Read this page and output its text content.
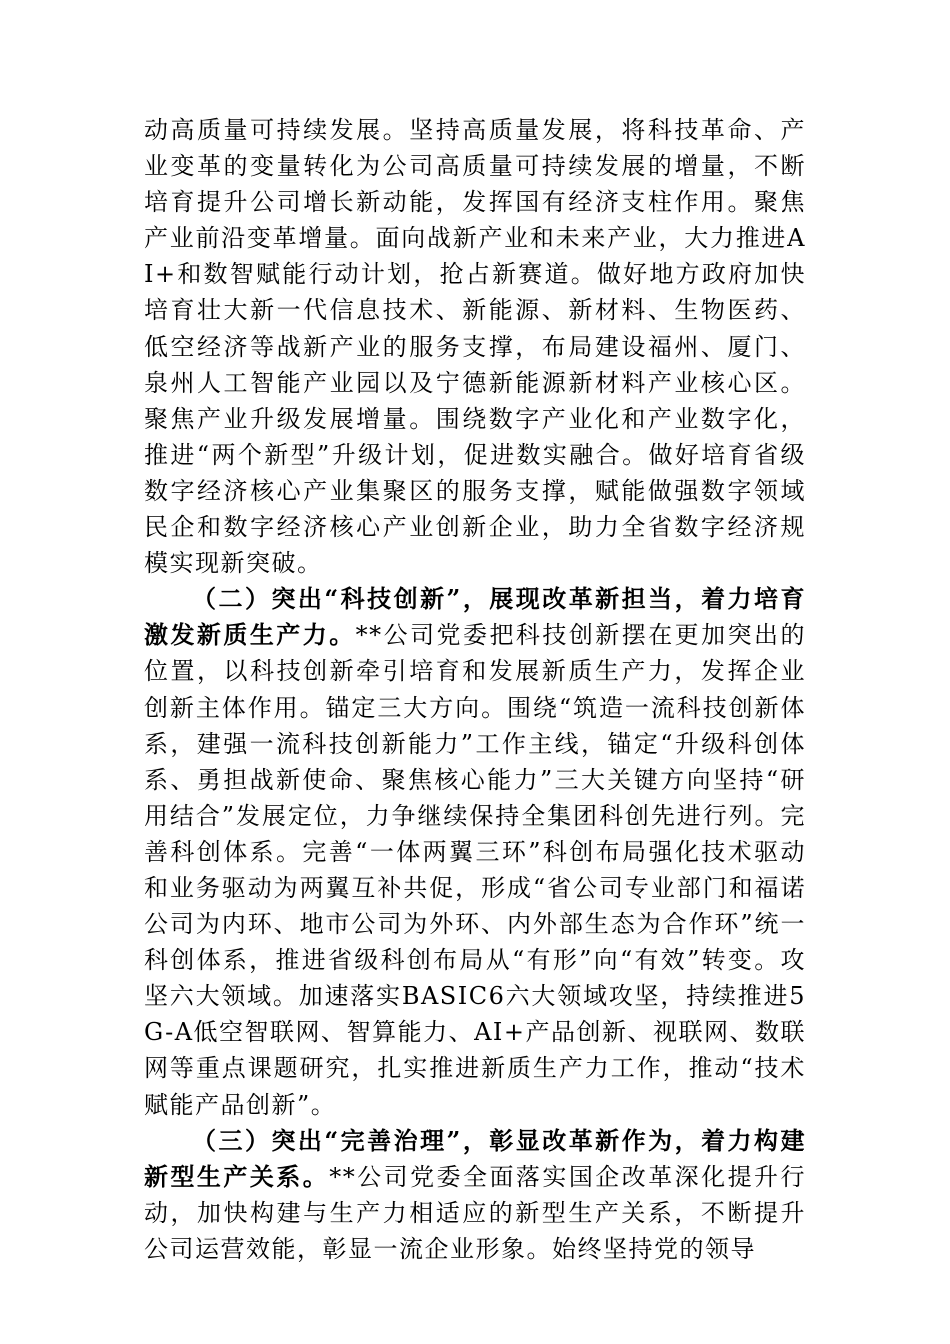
动高质量可持续发展。坚持高质量发展，将科技革命、产业变革的变量转化为公司高质量可持续发展的增量，不断培育提升公司增长新动能，发挥国有经济支柱作用。聚焦产业前沿变革增量。面向战新产业和未来产业，大力推进AI+和数智赋能行动计划，抢占新赛道。做好地方政府加快培育壮大新一代信息技术、新能源、新材料、生物医药、低空经济等战新产业的服务支撑，布局建设福州、厦门、泉州人工智能产业园以及宁德新能源新材料产业核心区。聚焦产业升级发展增量。围绕数字产业化和产业数字化，推进“两个新型”升级计划，促进数实融合。做好培育省级数字经济核心产业集聚区的服务支撑，赋能做强数字领域民企和数字经济核心产业创新企业，助力全省数字经济规模实现新突破。

（二）突出“科技创新”，展现改革新担当，着力培育激发新质生产力。**公司党委把科技创新摆在更加突出的位置，以科技创新牵引培育和发展新质生产力，发挥企业创新主体作用。锚定三大方向。围绕“筑造一流科技创新体系，建强一流科技创新能力”工作主线，锚定“升级科创体系、勇担战新使命、聚焦核心能力”三大关键方向坚持“研用结合”发展定位，力争继续保持全集团科创先进行列。完善科创体系。完善“一体两翼三环”科创布局强化技术驱动和业务驱动为两翼互补共促，形成“省公司专业部门和福诺公司为内环、地市公司为外环、内外部生态为合作环”统一科创体系，推进省级科创布局从“有形”向“有效”转变。攻坚六大领域。加速落实BASIC6六大领域攻坚，持续推进5G-A低空智联网、智算能力、AI+产品创新、视联网、数联网等重点课题研究，扎实推进新质生产力工作，推动“技术赋能产品创新”。

（三）突出“完善治理”，彰显改革新作为，着力构建新型生产关系。**公司党委全面落实国企改革深化提升行动，加快构建与生产力相适应的新型生产关系，不断提升公司运营效能，彰显一流企业形象。始终坚持党的领导
